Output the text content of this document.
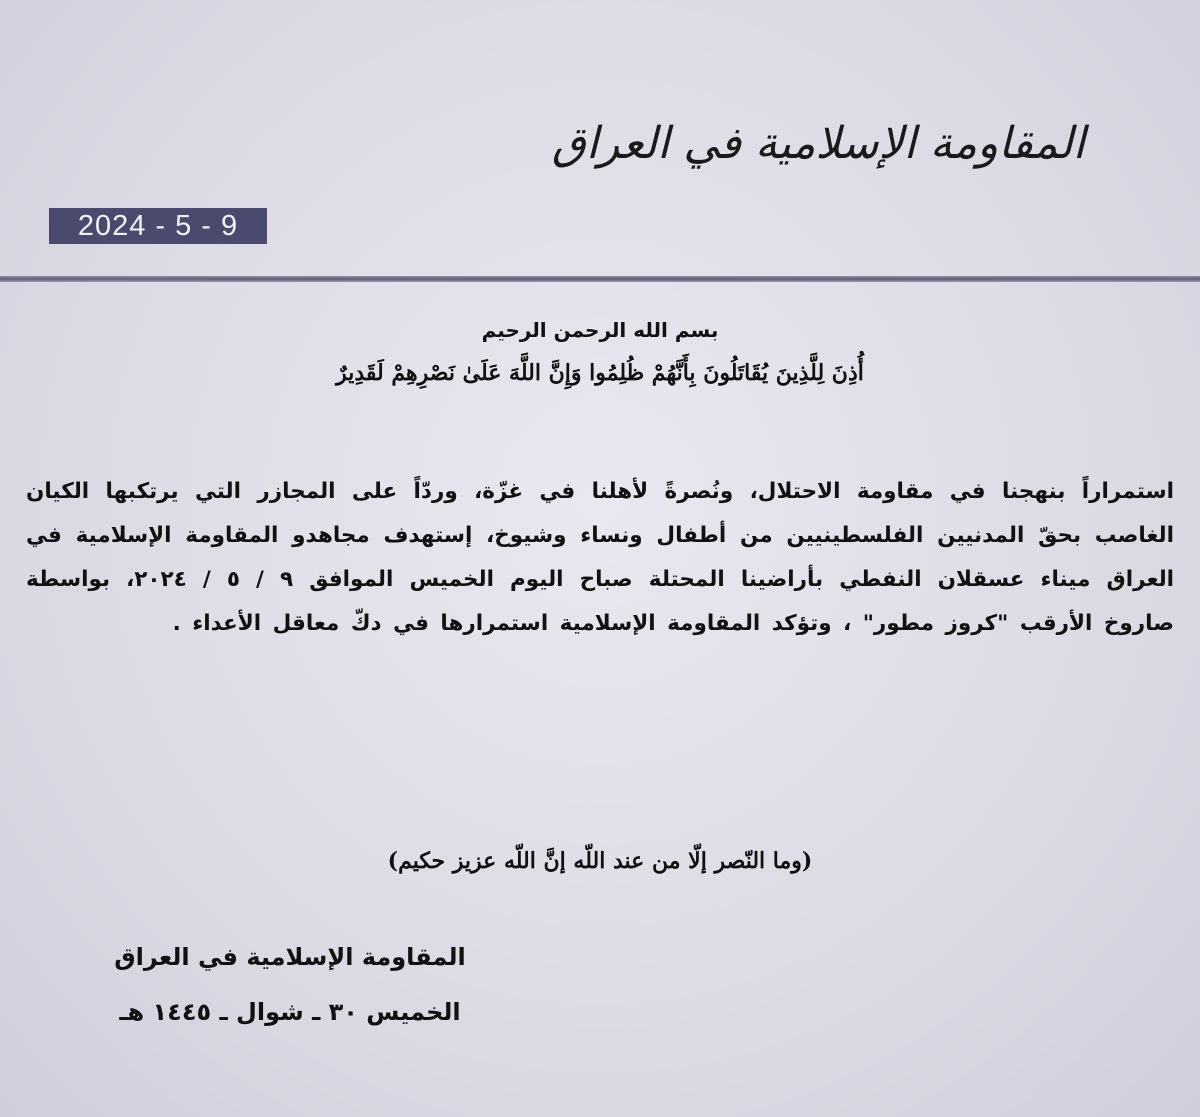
المقاومة الإسلامية في العراق
2024 - 5 - 9
بسم الله الرحمن الرحيم
أُذِنَ لِلَّذِينَ يُقَاتَلُونَ بِأَنَّهُمْ ظُلِمُوا وَإِنَّ اللَّهَ عَلَىٰ نَصْرِهِمْ لَقَدِيرٌ
استمراراً بنهجنا في مقاومة الاحتلال، ونُصرةً لأهلنا في غزّة، وردّاً على المجازر التي يرتكبها الكيان الغاصب بحقّ المدنيين الفلسطينيين من أطفال ونساء وشيوخ، إستهدف مجاهدو المقاومة الإسلامية في العراق ميناء عسقلان النفطي بأراضينا المحتلة صباح اليوم الخميس الموافق ٩ / ٥ / ٢٠٢٤، بواسطة صاروخ الأرقب "كروز مطور" ، وتؤكد المقاومة الإسلامية استمرارها في دكّ معاقل الأعداء .
(وما النّصر إلّا من عند اللّه إنَّ اللّه عزيز حكيم)
المقاومة الإسلامية في العراق
الخميس ٣٠ ـ شوال ـ ١٤٤٥ هـ
